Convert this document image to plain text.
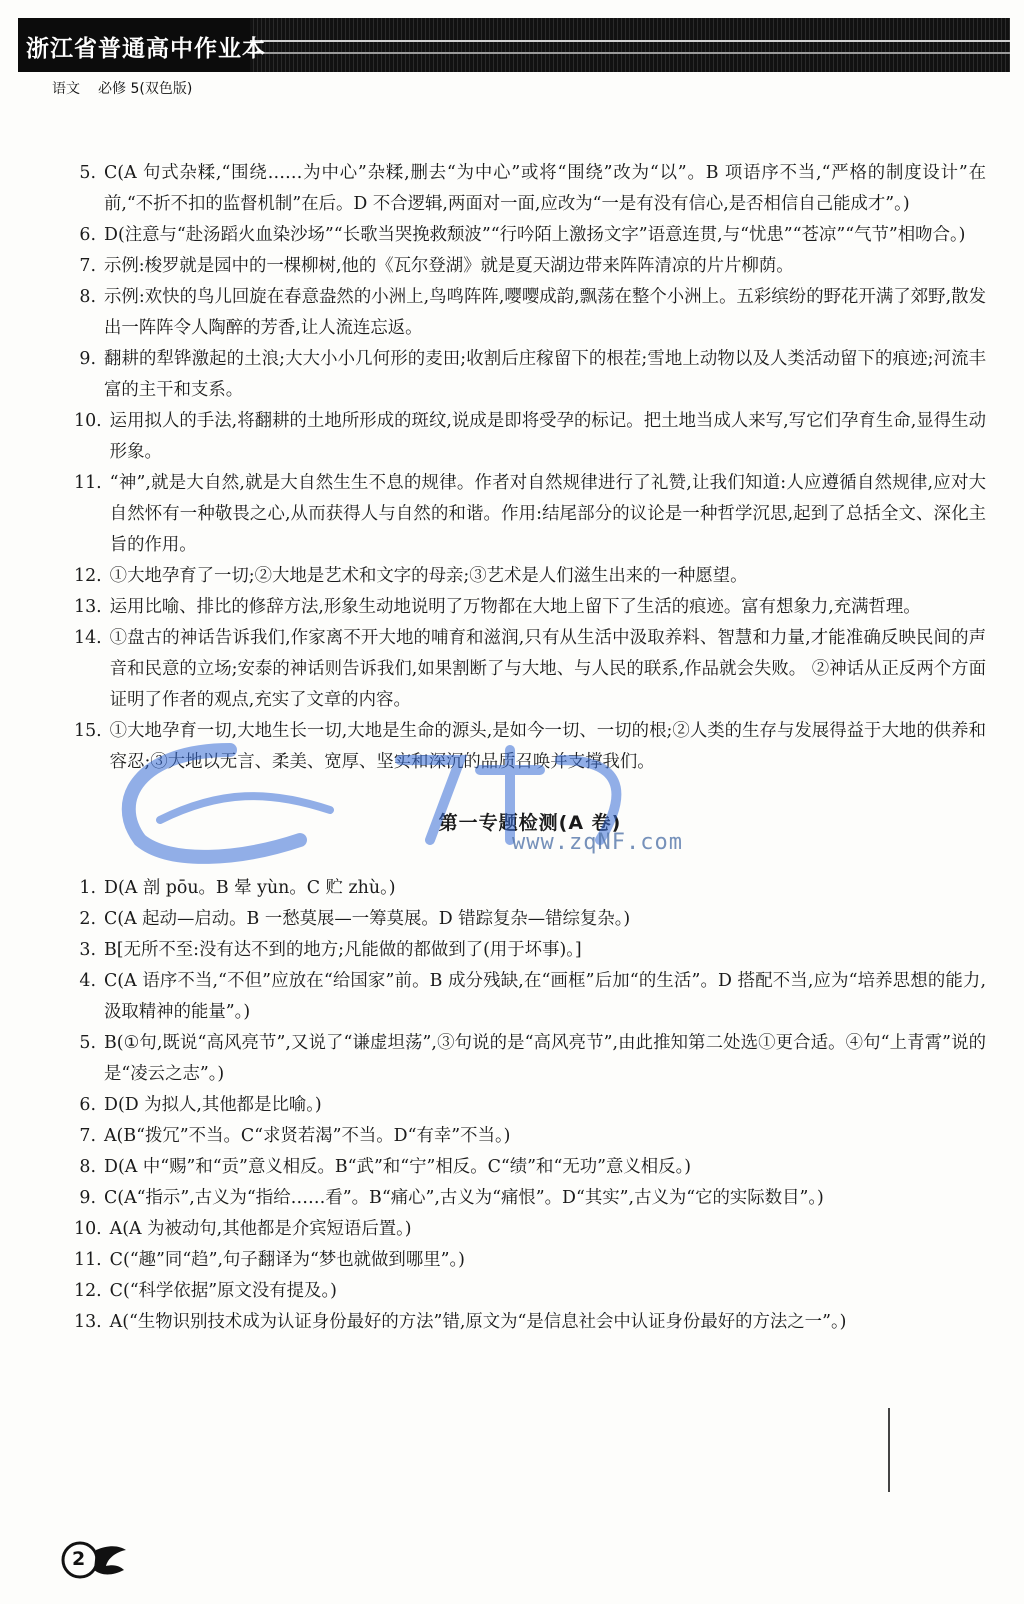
浙江省普通高中作业本
语文 必修 5(双色版)
5. C(A 句式杂糅,“围绕……为中心”杂糅,删去“为中心”或将“围绕”改为“以”。B 项语序不当,“严格的制度设计”在前,“不折不扣的监督机制”在后。D 不合逻辑,两面对一面,应改为“一是有没有信心,是否相信自己能成才”。)
6. D(注意与“赴汤蹈火血染沙场”“长歌当哭挽救颓波”“行吟陌上激扬文字”语意连贯,与“忧患”“苍凉”“气节”相吻合。)
7. 示例:梭罗就是园中的一棵柳树,他的《瓦尔登湖》就是夏天湖边带来阵阵清凉的片片柳荫。
8. 示例:欢快的鸟儿回旋在春意盎然的小洲上,鸟鸣阵阵,嘤嘤成韵,飘荡在整个小洲上。五彩缤纷的野花开满了郊野,散发出一阵阵令人陶醉的芳香,让人流连忘返。
9. 翻耕的犁铧激起的土浪;大大小小几何形的麦田;收割后庄稼留下的根茬;雪地上动物以及人类活动留下的痕迹;河流丰富的主干和支系。
10. 运用拟人的手法,将翻耕的土地所形成的斑纹,说成是即将受孕的标记。把土地当成人来写,写它们孕育生命,显得生动形象。
11. “神”,就是大自然,就是大自然生生不息的规律。作者对自然规律进行了礼赞,让我们知道:人应遵循自然规律,应对大自然怀有一种敬畏之心,从而获得人与自然的和谐。作用:结尾部分的议论是一种哲学沉思,起到了总括全文、深化主旨的作用。
12. ①大地孕育了一切;②大地是艺术和文字的母亲;③艺术是人们滋生出来的一种愿望。
13. 运用比喻、排比的修辞方法,形象生动地说明了万物都在大地上留下了生活的痕迹。富有想象力,充满哲理。
14. ①盘古的神话告诉我们,作家离不开大地的哺育和滋润,只有从生活中汲取养料、智慧和力量,才能准确反映民间的声音和民意的立场;安泰的神话则告诉我们,如果割断了与大地、与人民的联系,作品就会失败。 ②神话从正反两个方面证明了作者的观点,充实了文章的内容。
15. ①大地孕育一切,大地生长一切,大地是生命的源头,是如今一切、一切的根;②人类的生存与发展得益于大地的供养和容忍;③大地以无言、柔美、宽厚、坚实和深沉的品质召唤并支撑我们。
第一专题检测(A 卷)
1. D(A 剖 pōu。B 晕 yùn。C 贮 zhù。)
2. C(A 起动—启动。B 一愁莫展—一筹莫展。D 错踪复杂—错综复杂。)
3. B[无所不至:没有达不到的地方;凡能做的都做到了(用于坏事)。]
4. C(A 语序不当,“不但”应放在“给国家”前。B 成分残缺,在“画框”后加“的生活”。D 搭配不当,应为“培养思想的能力,汲取精神的能量”。)
5. B(①句,既说“高风亮节”,又说了“谦虚坦荡”,③句说的是“高风亮节”,由此推知第二处选①更合适。④句“上青霄”说的是“凌云之志”。)
6. D(D 为拟人,其他都是比喻。)
7. A(B“拨冗”不当。C“求贤若渴”不当。D“有幸”不当。)
8. D(A 中“赐”和“贡”意义相反。B“武”和“宁”相反。C“绩”和“无功”意义相反。)
9. C(A“指示”,古义为“指给……看”。B“痛心”,古义为“痛恨”。D“其实”,古义为“它的实际数目”。)
10. A(A 为被动句,其他都是介宾短语后置。)
11. C(“趣”同“趋”,句子翻译为“梦也就做到哪里”。)
12. C(“科学依据”原文没有提及。)
13. A(“生物识别技术成为认证身份最好的方法”错,原文为“是信息社会中认证身份最好的方法之一”。)
www.zqNF.com
2
